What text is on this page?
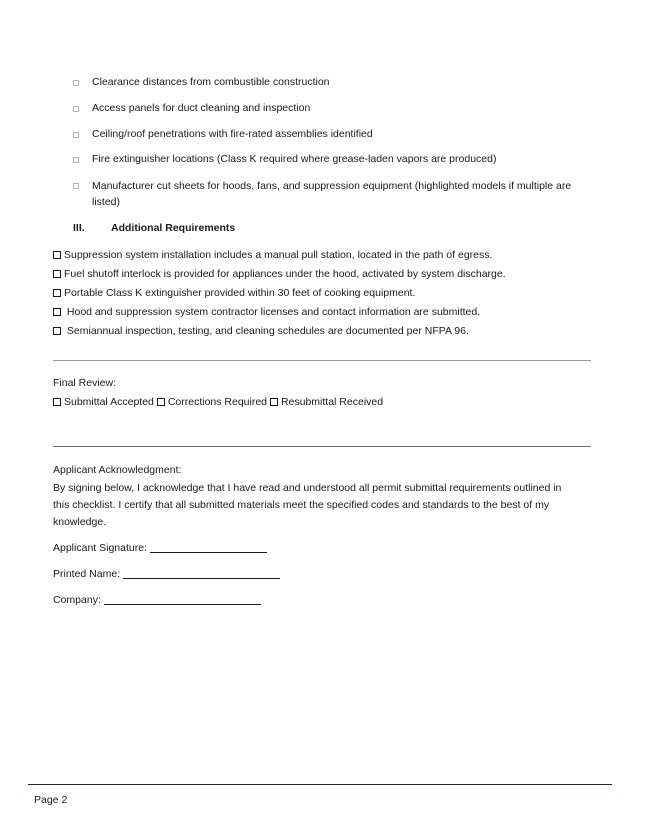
Clearance distances from combustible construction
Access panels for duct cleaning and inspection
Ceiling/roof penetrations with fire-rated assemblies identified
Fire extinguisher locations (Class K required where grease-laden vapors are produced)
Manufacturer cut sheets for hoods, fans, and suppression equipment (highlighted models if multiple are listed)
III.	Additional Requirements
Suppression system installation includes a manual pull station, located in the path of egress.
Fuel shutoff interlock is provided for appliances under the hood, activated by system discharge.
Portable Class K extinguisher provided within 30 feet of cooking equipment.
Hood and suppression system contractor licenses and contact information are submitted.
Semiannual inspection, testing, and cleaning schedules are documented per NFPA 96.
Final Review:
Submittal Accepted Corrections Required Resubmittal Received
Applicant Acknowledgment:
By signing below, I acknowledge that I have read and understood all permit submittal requirements outlined in
this checklist. I certify that all submitted materials meet the specified codes and standards to the best of my
knowledge.
Applicant Signature:
Printed Name:
Company:
Page 2
